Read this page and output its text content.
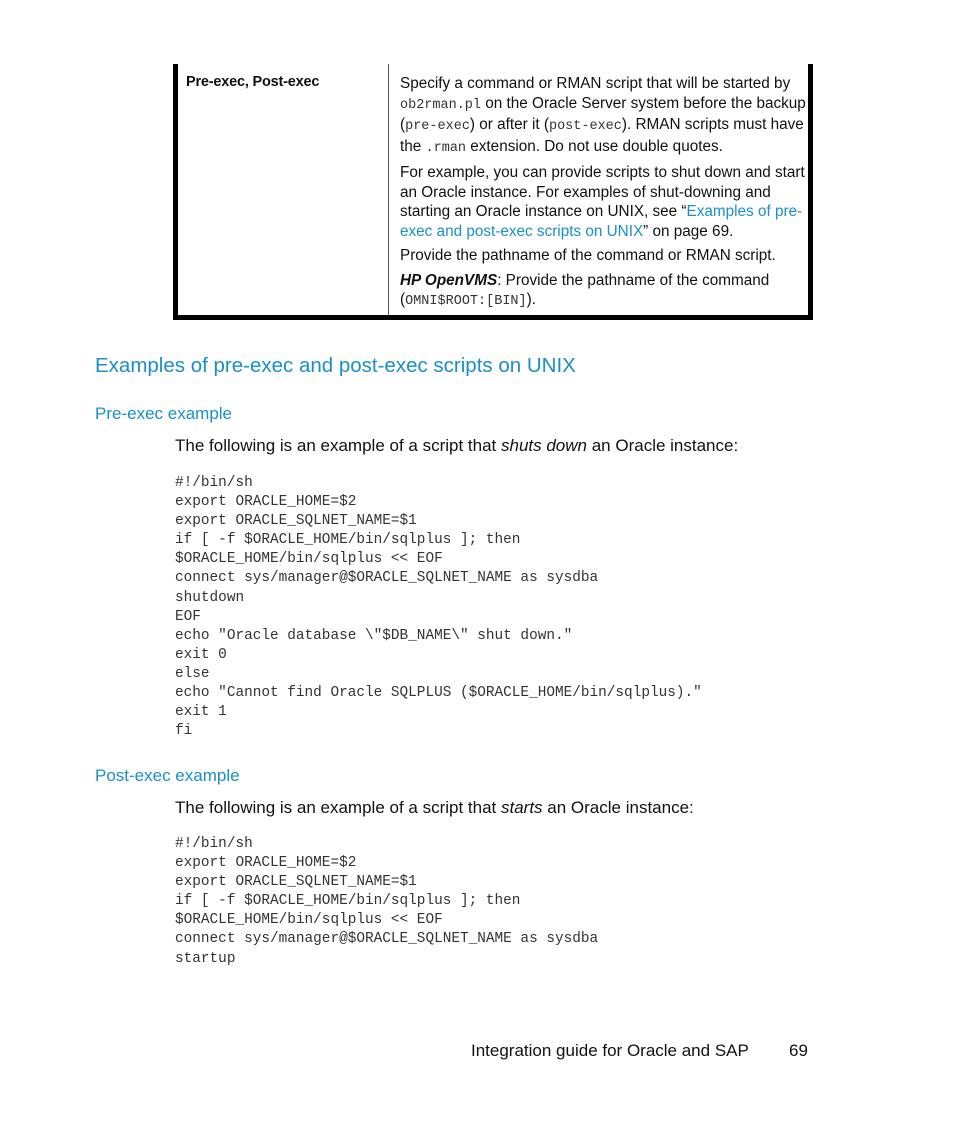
Pre-exec, Post-exec	Specify a command or RMAN script that will be started by ob2rman.pl on the Oracle Server system before the backup (pre-exec) or after it (post-exec). RMAN scripts must have the .rman extension. Do not use double quotes.

For example, you can provide scripts to shut down and start an Oracle instance. For examples of shut-downing and starting an Oracle instance on UNIX, see “Examples of pre-exec and post-exec scripts on UNIX” on page 69.

Provide the pathname of the command or RMAN script.

HP OpenVMS: Provide the pathname of the command (OMNI$ROOT:[BIN]).

Examples of pre-exec and post-exec scripts on UNIX
Pre-exec example

The following is an example of a script that shuts down an Oracle instance:

#!/bin/sh
export ORACLE_HOME=$2
export ORACLE_SQLNET_NAME=$1
if [ -f $ORACLE_HOME/bin/sqlplus ]; then
$ORACLE_HOME/bin/sqlplus << EOF
connect sys/manager@$ORACLE_SQLNET_NAME as sysdba
shutdown
EOF
echo "Oracle database \"$DB_NAME\" shut down."
exit 0
else
echo "Cannot find Oracle SQLPLUS ($ORACLE_HOME/bin/sqlplus)."
exit 1
fi
Post-exec example

The following is an example of a script that starts an Oracle instance:

#!/bin/sh
export ORACLE_HOME=$2
export ORACLE_SQLNET_NAME=$1
if [ -f $ORACLE_HOME/bin/sqlplus ]; then
$ORACLE_HOME/bin/sqlplus << EOF
connect sys/manager@$ORACLE_SQLNET_NAME as sysdba
startup
Integration guide for Oracle and SAP 69
